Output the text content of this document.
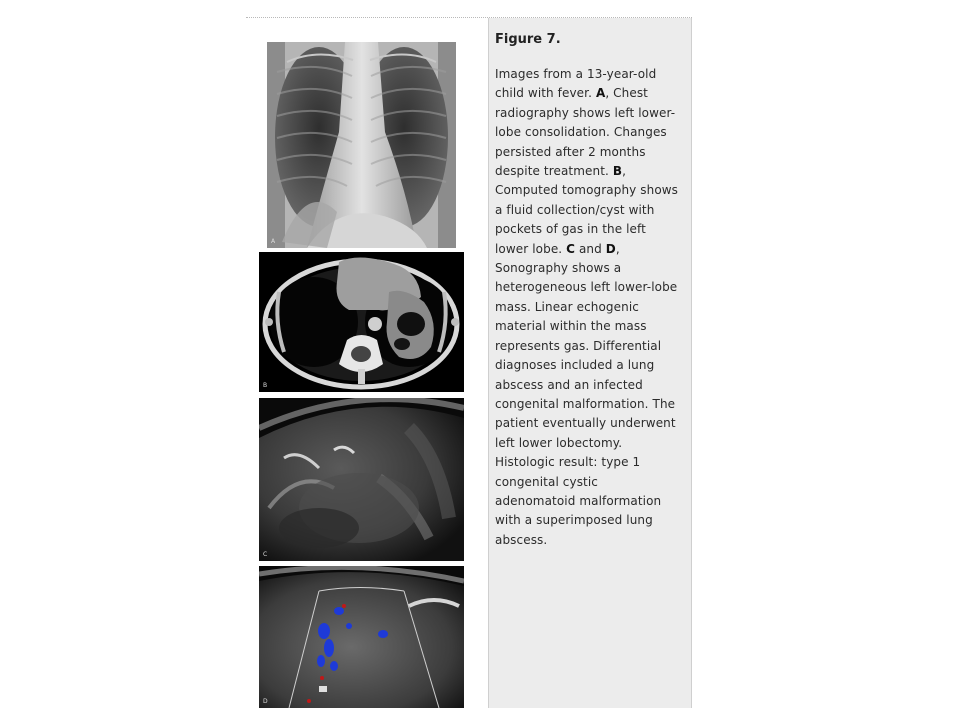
A
B
C
D

Figure 7.

Images from a 13-year-old child with fever. A, Chest radiography shows left lower-lobe consolidation. Changes persisted after 2 months despite treatment. B, Computed tomography shows a fluid collection/cyst with pockets of gas in the left lower lobe. C and D, Sonography shows a heterogeneous left lower-lobe mass. Linear echogenic material within the mass represents gas. Differential diagnoses included a lung abscess and an infected congenital malformation. The patient eventually underwent left lower lobectomy. Histologic result: type 1 congenital cystic adenomatoid malformation with a superimposed lung abscess.
